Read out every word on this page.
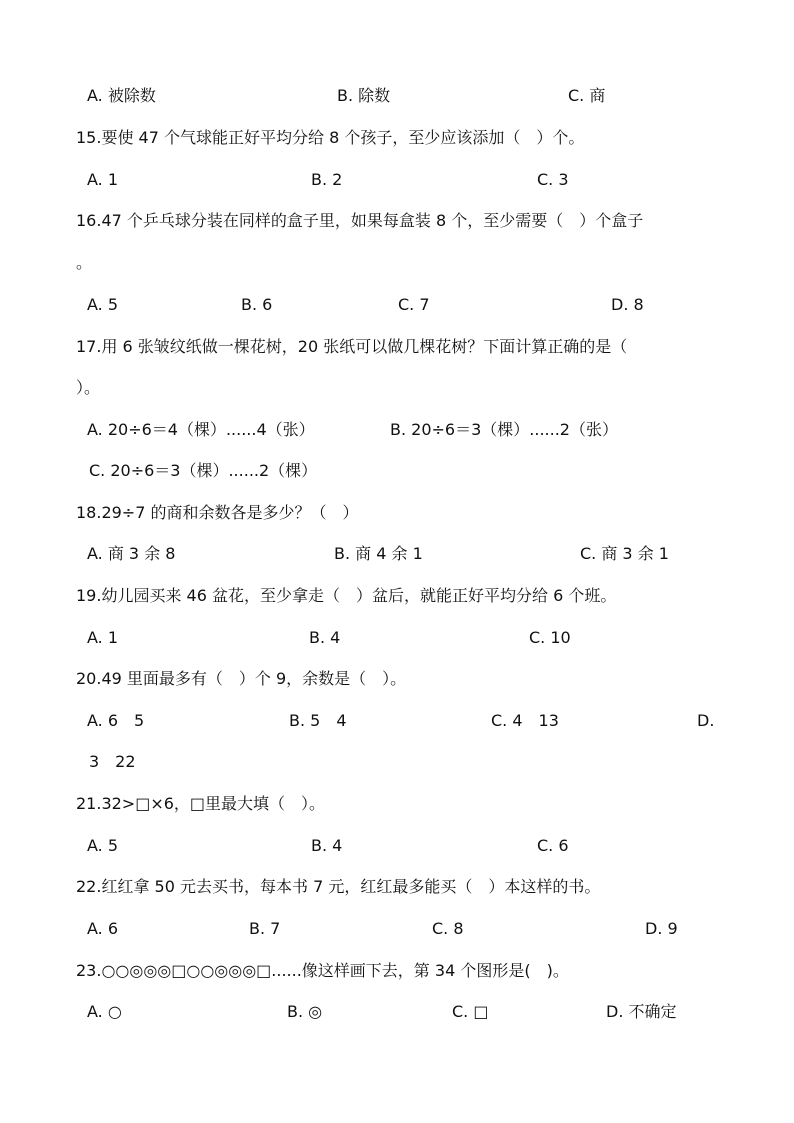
A. 被除数	B. 除数	C. 商
15.要使 47 个气球能正好平均分给 8 个孩子，至少应该添加（　）个。
A. 1	B. 2	C. 3
16.47 个乒乓球分装在同样的盒子里，如果每盒装 8 个，至少需要（　）个盒子
。
A. 5	B. 6	C. 7	D. 8
17.用 6 张皱纹纸做一棵花树，20 张纸可以做几棵花树？下面计算正确的是（
）。
A. 20÷6＝4（棵）......4（张）	B. 20÷6＝3（棵）......2（张）
C. 20÷6＝3（棵）......2（棵）
18.29÷7 的商和余数各是多少？（　）
A. 商 3 余 8	B. 商 4 余 1	C. 商 3 余 1
19.幼儿园买来 46 盆花，至少拿走（　）盆后，就能正好平均分给 6 个班。
A. 1	B. 4	C. 10
20.49 里面最多有（　）个 9，余数是（　）。
A. 6　5	B. 5　4	C. 4　13	D.
3　22
21.32>□×6，□里最大填（　）。
A. 5	B. 4	C. 6
22.红红拿 50 元去买书，每本书 7 元，红红最多能买（　）本这样的书。
A. 6	B. 7	C. 8	D. 9
23.○○◎◎◎□○○◎◎◎□......像这样画下去，第 34 个图形是(　)。
A. ○	B. ◎	C. □	D. 不确定
